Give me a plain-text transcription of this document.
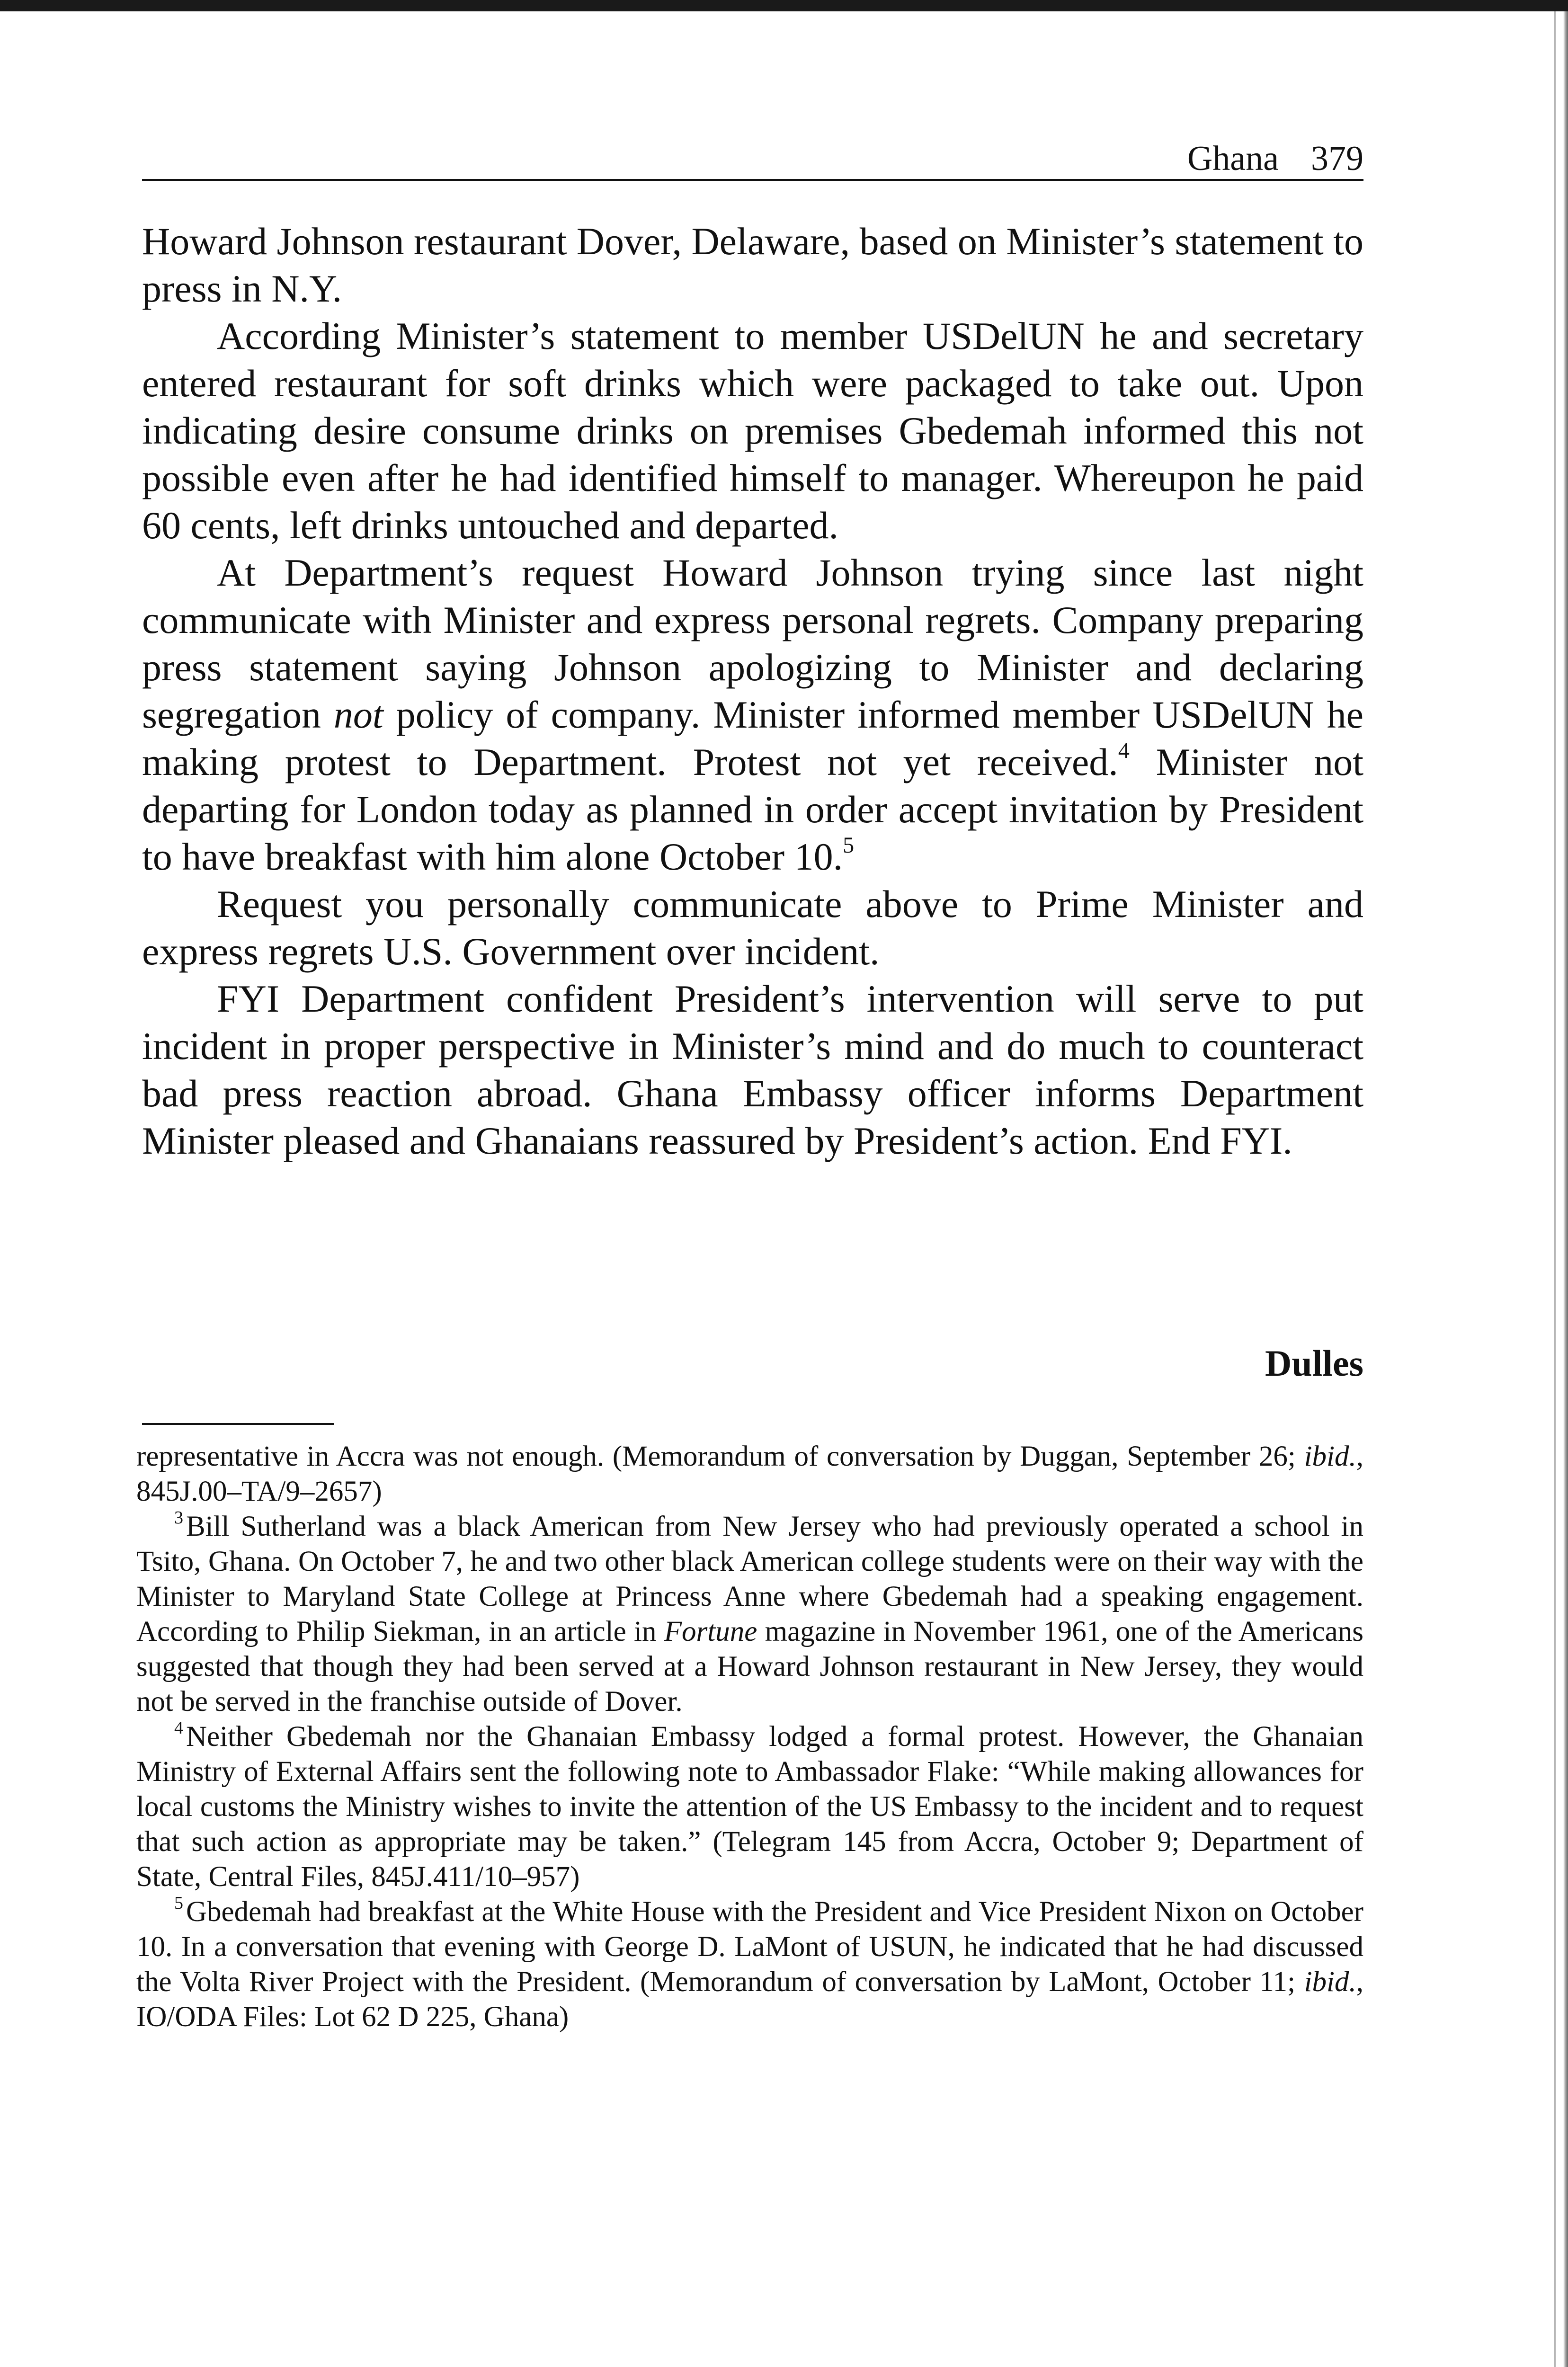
Ghana 379

Howard Johnson restaurant Dover, Delaware, based on Minister’s statement to press in N.Y.

According Minister’s statement to member USDelUN he and secretary entered restaurant for soft drinks which were packaged to take out. Upon indicating desire consume drinks on premises Gbedemah informed this not possible even after he had identified himself to manager. Whereupon he paid 60 cents, left drinks untouched and departed.

At Department’s request Howard Johnson trying since last night communicate with Minister and express personal regrets. Company preparing press statement saying Johnson apologizing to Minister and declaring segregation not policy of company. Minister informed member USDelUN he making protest to Department. Protest not yet received.$^4$ Minister not departing for London today as planned in order accept invitation by President to have breakfast with him alone October 10.$^5$

Request you personally communicate above to Prime Minister and express regrets U.S. Government over incident.

FYI Department confident President’s intervention will serve to put incident in proper perspective in Minister’s mind and do much to counteract bad press reaction abroad. Ghana Embassy officer informs Department Minister pleased and Ghanaians reassured by President’s action. End FYI.

Dulles

representative in Accra was not enough. (Memorandum of conversation by Duggan, September 26; ibid., 845J.00–TA/9–2657)

$^3$Bill Sutherland was a black American from New Jersey who had previously operated a school in Tsito, Ghana. On October 7, he and two other black American college students were on their way with the Minister to Maryland State College at Princess Anne where Gbedemah had a speaking engagement. According to Philip Siekman, in an article in Fortune magazine in November 1961, one of the Americans suggested that though they had been served at a Howard Johnson restaurant in New Jersey, they would not be served in the franchise outside of Dover.

$^4$Neither Gbedemah nor the Ghanaian Embassy lodged a formal protest. However, the Ghanaian Ministry of External Affairs sent the following note to Ambassador Flake: “While making allowances for local customs the Ministry wishes to invite the attention of the US Embassy to the incident and to request that such action as appropriate may be taken.” (Telegram 145 from Accra, October 9; Department of State, Central Files, 845J.411/10–957)

$^5$Gbedemah had breakfast at the White House with the President and Vice President Nixon on October 10. In a conversation that evening with George D. LaMont of USUN, he indicated that he had discussed the Volta River Project with the President. (Memorandum of conversation by LaMont, October 11; ibid., IO/ODA Files: Lot 62 D 225, Ghana)
